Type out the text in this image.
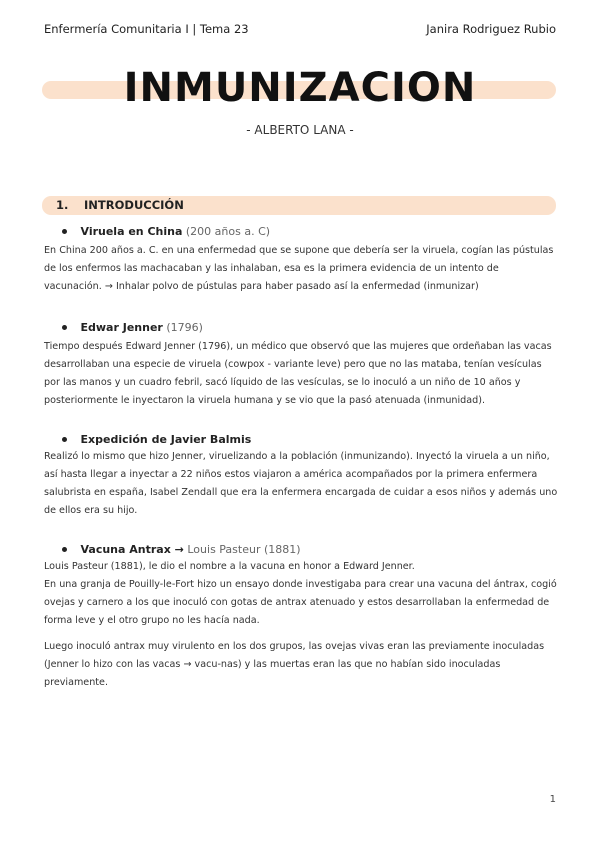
Enfermería Comunitaria I | Tema 23	Janira Rodriguez Rubio
INMUNIZACION
- ALBERTO LANA -
1. INTRODUCCIÓN
Viruela en China (200 años a. C)

En China 200 años a. C. en una enfermedad que se supone que debería ser la viruela, cogían las pústulas de los enfermos las machacaban y las inhalaban, esa es la primera evidencia de un intento de vacunación. → Inhalar polvo de pústulas para haber pasado así la enfermedad (inmunizar)

Edwar Jenner (1796)

Tiempo después Edward Jenner (1796), un médico que observó que las mujeres que ordeñaban las vacas desarrollaban una especie de viruela (cowpox - variante leve) pero que no las mataba, tenían vesículas por las manos y un cuadro febril, sacó líquido de las vesículas, se lo inoculó a un niño de 10 años y posteriormente le inyectaron la viruela humana y se vio que la pasó atenuada (inmunidad).

Expedición de Javier Balmis

Realizó lo mismo que hizo Jenner, viruelizando a la población (inmunizando). Inyectó la viruela a un niño, así hasta llegar a inyectar a 22 niños estos viajaron a américa acompañados por la primera enfermera salubrista en españa, Isabel Zendall que era la enfermera encargada de cuidar a esos niños y además uno de ellos era su hijo.

Vacuna Antrax → Louis Pasteur (1881)

Louis Pasteur (1881), le dio el nombre a la vacuna en honor a Edward Jenner.

En una granja de Pouilly-le-Fort hizo un ensayo donde investigaba para crear una vacuna del ántrax, cogió ovejas y carnero a los que inoculó con gotas de antrax atenuado y estos desarrollaban la enfermedad de forma leve y el otro grupo no les hacía nada.

Luego inoculó antrax muy virulento en los dos grupos, las ovejas vivas eran las previamente inoculadas (Jenner lo hizo con las vacas → vacu-nas) y las muertas eran las que no habían sido inoculadas previamente.

1
